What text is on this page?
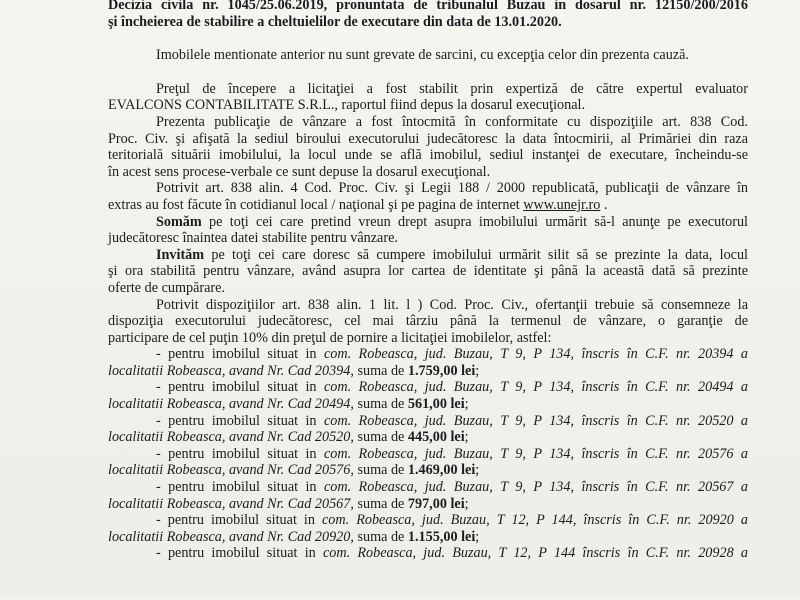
Decizia civila nr. 1045/25.06.2019, pronuntata de tribunalul Buzau in dosarul nr. 12150/200/2016
şi încheierea de stabilire a cheltuielilor de executare din data de 13.01.2020.
Imobilele mentionate anterior nu sunt grevate de sarcini, cu excepţia celor din prezenta cauză.
Preţul de începere a licitaţiei a fost stabilit prin expertiză de către expertul evaluator
EVALCONS CONTABILITATE S.R.L., raportul fiind depus la dosarul execuţional.
Prezenta publicaţie de vânzare a fost întocmită în conformitate cu dispoziţiile art. 838 Cod.
Proc. Civ. şi afişată la sediul biroului executorului judecătoresc la data întocmirii, al Primăriei din raza
teritorială situării imobilului, la locul unde se află imobilul, sediul instanţei de executare, încheindu-se
în acest sens procese-verbale ce sunt depuse la dosarul execuţional.
Potrivit art. 838 alin. 4 Cod. Proc. Civ. şi Legii 188 / 2000 republicată, publicaţii de vânzare în
extras au fost făcute în cotidianul local / naţional şi pe pagina de internet www.unejr.ro .
Somăm pe toţi cei care pretind vreun drept asupra imobilului urmărit să-l anunţe pe executorul
judecătoresc înaintea datei stabilite pentru vânzare.
Invităm pe toţi cei care doresc să cumpere imobilului urmărit silit să se prezinte la data, locul
şi ora stabilită pentru vânzare, având asupra lor cartea de identitate şi până la această dată să prezinte
oferte de cumpărare.
Potrivit dispoziţiilor art. 838 alin. 1 lit. l ) Cod. Proc. Civ., ofertanţii trebuie să consemneze la
dispoziţia executorului judecătoresc, cel mai târziu până la termenul de vânzare, o garanţie de
participare de cel puţin 10% din preţul de pornire a licitaţiei imobilelor, astfel:
- pentru imobilul situat in com. Robeasca, jud. Buzau, T 9, P 134, înscris în C.F. nr. 20394 a
localitatii Robeasca, avand Nr. Cad 20394, suma de 1.759,00 lei;
- pentru imobilul situat in com. Robeasca, jud. Buzau, T 9, P 134, înscris în C.F. nr. 20494 a
localitatii Robeasca, avand Nr. Cad 20494, suma de 561,00 lei;
- pentru imobilul situat in com. Robeasca, jud. Buzau, T 9, P 134, înscris în C.F. nr. 20520 a
localitatii Robeasca, avand Nr. Cad 20520, suma de 445,00 lei;
- pentru imobilul situat in com. Robeasca, jud. Buzau, T 9, P 134, înscris în C.F. nr. 20576 a
localitatii Robeasca, avand Nr. Cad 20576, suma de 1.469,00 lei;
- pentru imobilul situat in com. Robeasca, jud. Buzau, T 9, P 134, înscris în C.F. nr. 20567 a
localitatii Robeasca, avand Nr. Cad 20567, suma de 797,00 lei;
- pentru imobilul situat in com. Robeasca, jud. Buzau, T 12, P 144, înscris în C.F. nr. 20920 a
localitatii Robeasca, avand Nr. Cad 20920, suma de 1.155,00 lei;
- pentru imobilul situat in com. Robeasca, jud. Buzau, T 12, P 144 înscris în C.F. nr. 20928 a
